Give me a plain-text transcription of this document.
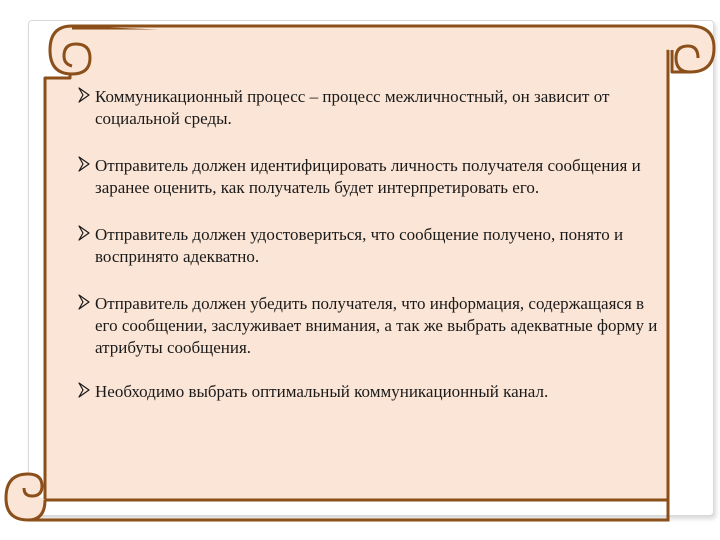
Коммуникационный процесс – процесс межличностный, он зависит от социальной среды.
Отправитель должен идентифицировать личность получателя сообщения и заранее оценить, как получатель будет интерпретировать его.
Отправитель должен удостовериться, что сообщение получено, понято и воспринято адекватно.
Отправитель должен убедить получателя, что информация, содержащаяся в его сообщении, заслуживает внимания, а так же выбрать адекватные форму и атрибуты сообщения.
Необходимо выбрать оптимальный коммуникационный канал.
